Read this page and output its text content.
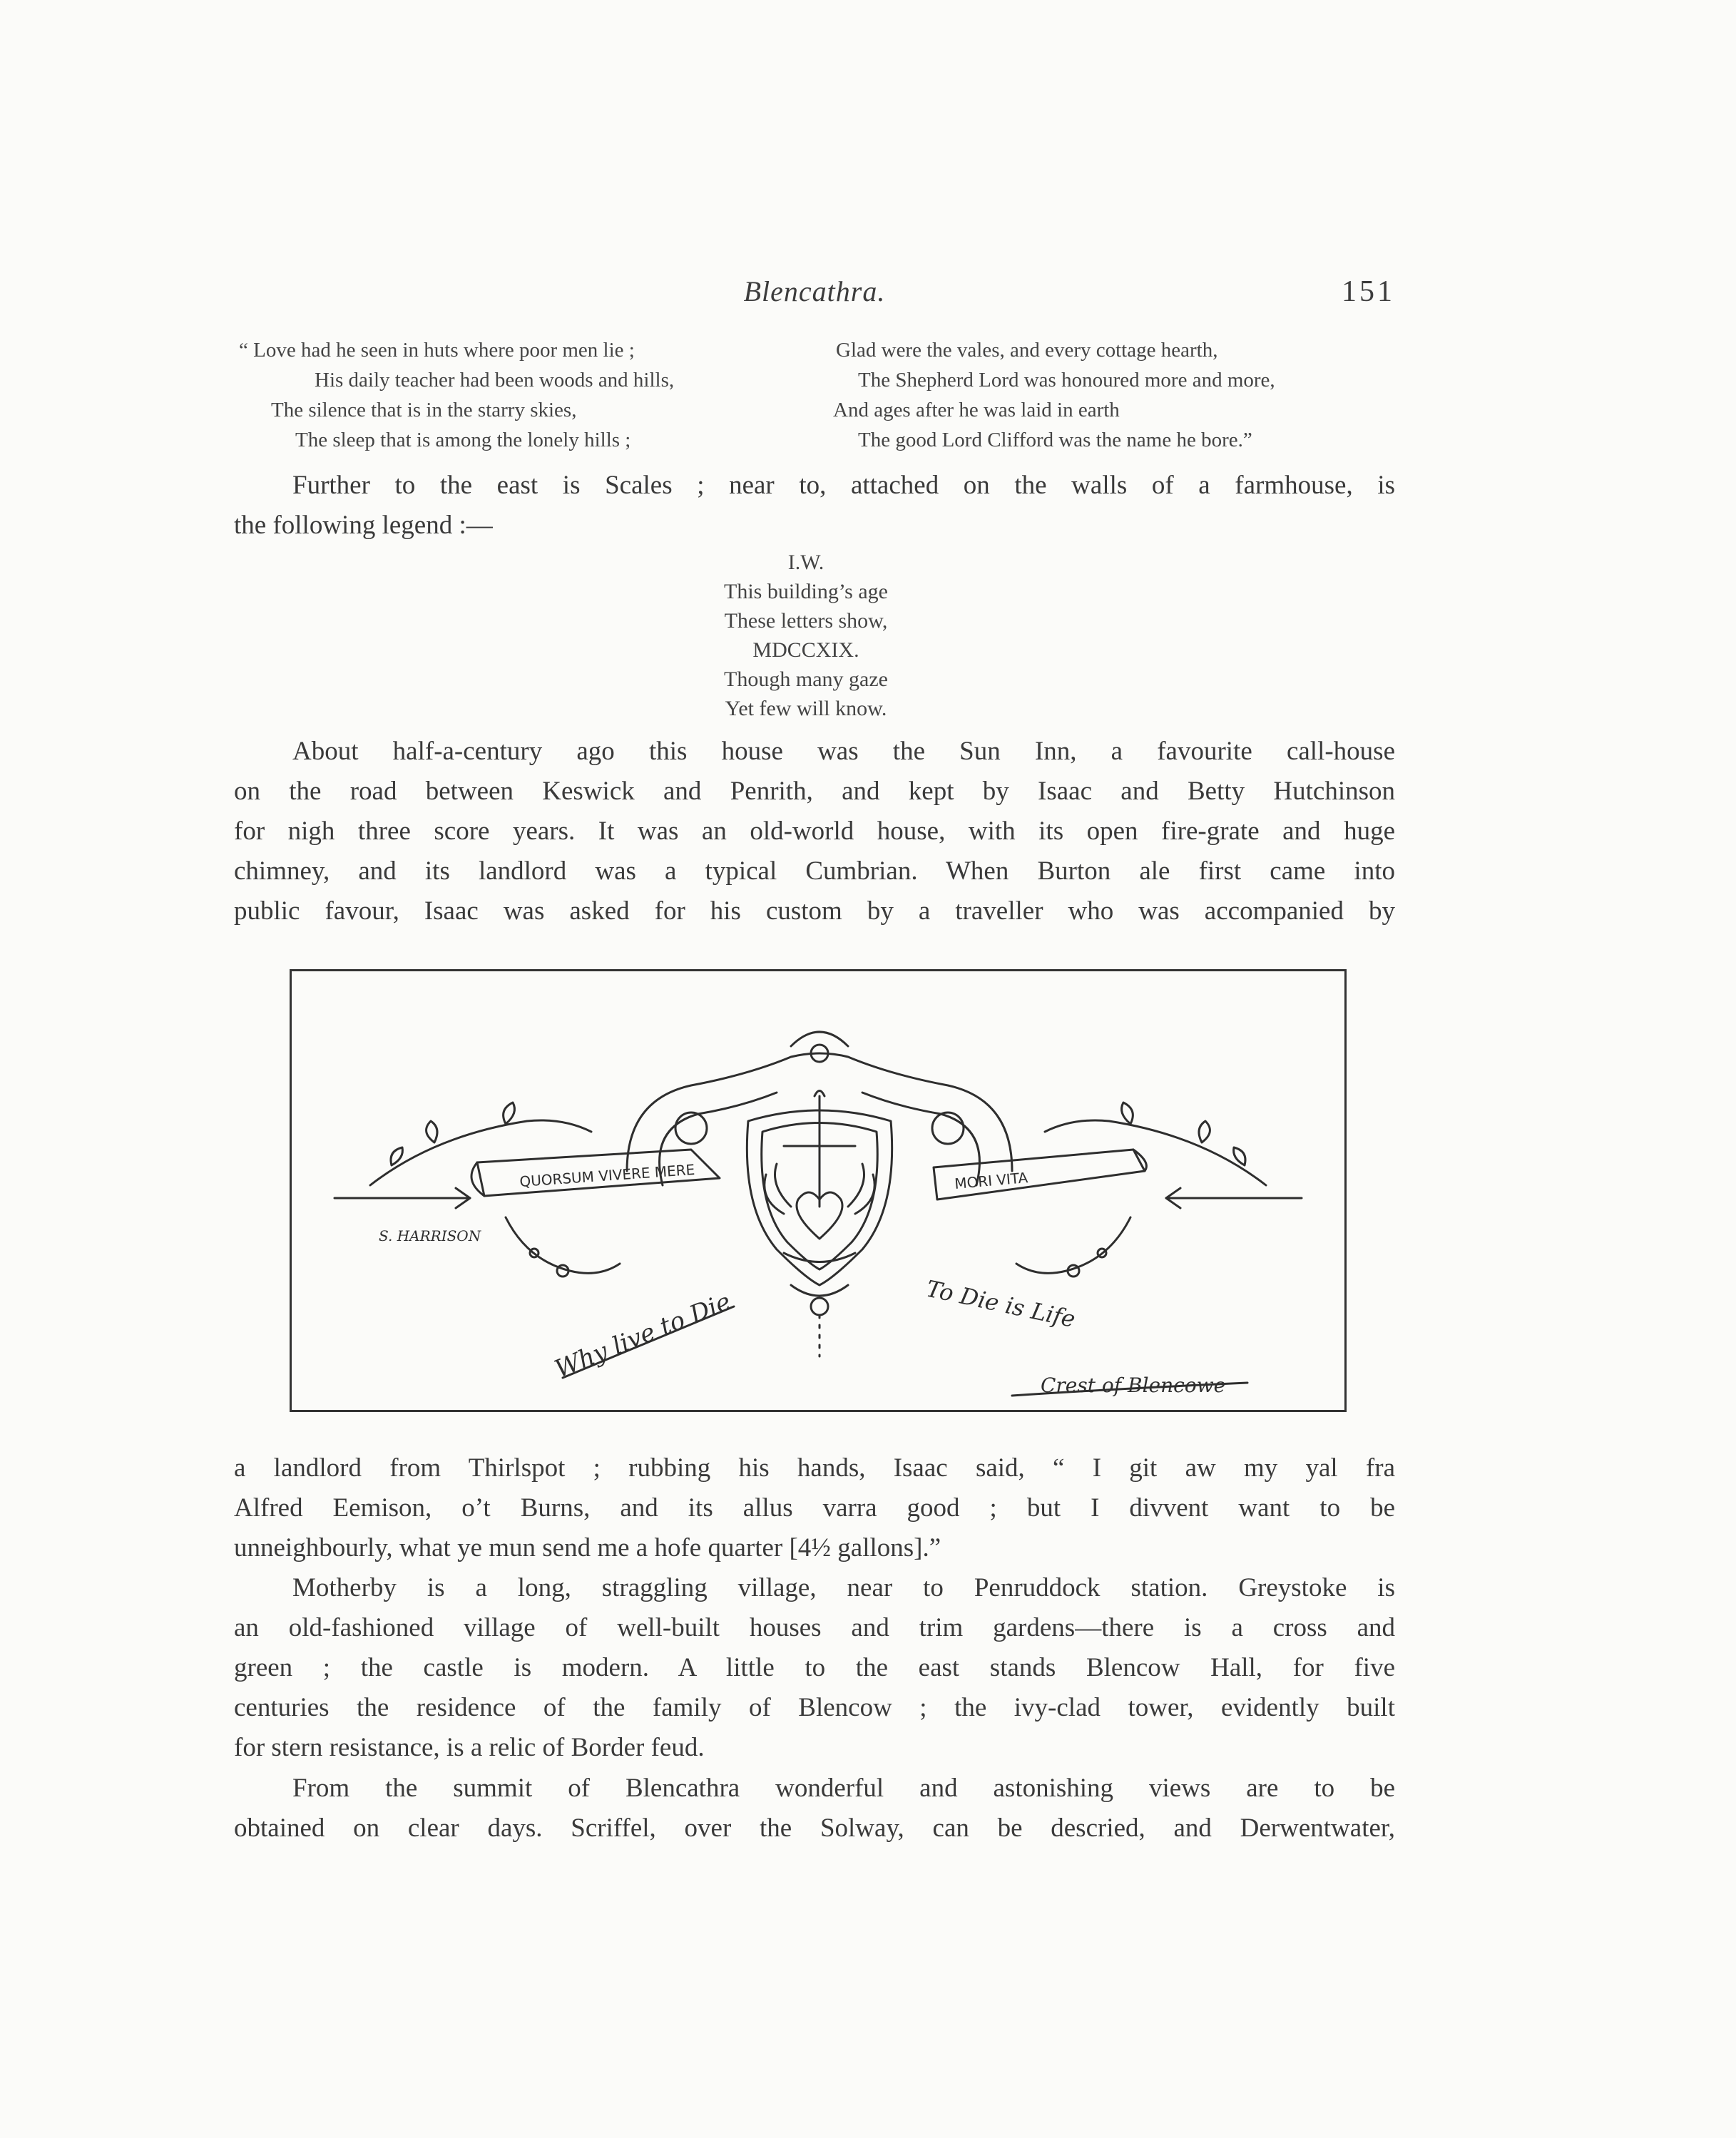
Blencathra.	151
“ Love had he seen in huts where poor men lie ;
His daily teacher had been woods and hills,
The silence that is in the starry skies,
The sleep that is among the lonely hills ;
Glad were the vales, and every cottage hearth,
The Shepherd Lord was honoured more and more,
And ages after he was laid in earth
The good Lord Clifford was the name he bore.”
Further to the east is Scales ; near to, attached on the walls of a farmhouse, is
the following legend :—
I.W.
This building’s age
These letters show,
MDCCXIX.
Though many gaze
Yet few will know.
About half-a-century ago this house was the Sun Inn, a favourite call-house
on the road between Keswick and Penrith, and kept by Isaac and Betty Hutchinson
for nigh three score years. It was an old-world house, with its open fire-grate and huge
chimney, and its landlord was a typical Cumbrian. When Burton ale first came into
public favour, Isaac was asked for his custom by a traveller who was accompanied by
QUORSUM VIVERE MERE	MORI VITA
S. HARRISON
Why live to Die	To Die is Life
Crest of Blencowe
a landlord from Thirlspot ; rubbing his hands, Isaac said, “ I git aw my yal fra
Alfred Eemison, o’t Burns, and its allus varra good ; but I divvent want to be
unneighbourly, what ye mun send me a hofe quarter [4½ gallons].”
Motherby is a long, straggling village, near to Penruddock station. Greystoke is
an old-fashioned village of well-built houses and trim gardens—there is a cross and
green ; the castle is modern. A little to the east stands Blencow Hall, for five
centuries the residence of the family of Blencow ; the ivy-clad tower, evidently built
for stern resistance, is a relic of Border feud.
From the summit of Blencathra wonderful and astonishing views are to be
obtained on clear days. Scriffel, over the Solway, can be descried, and Derwentwater,
